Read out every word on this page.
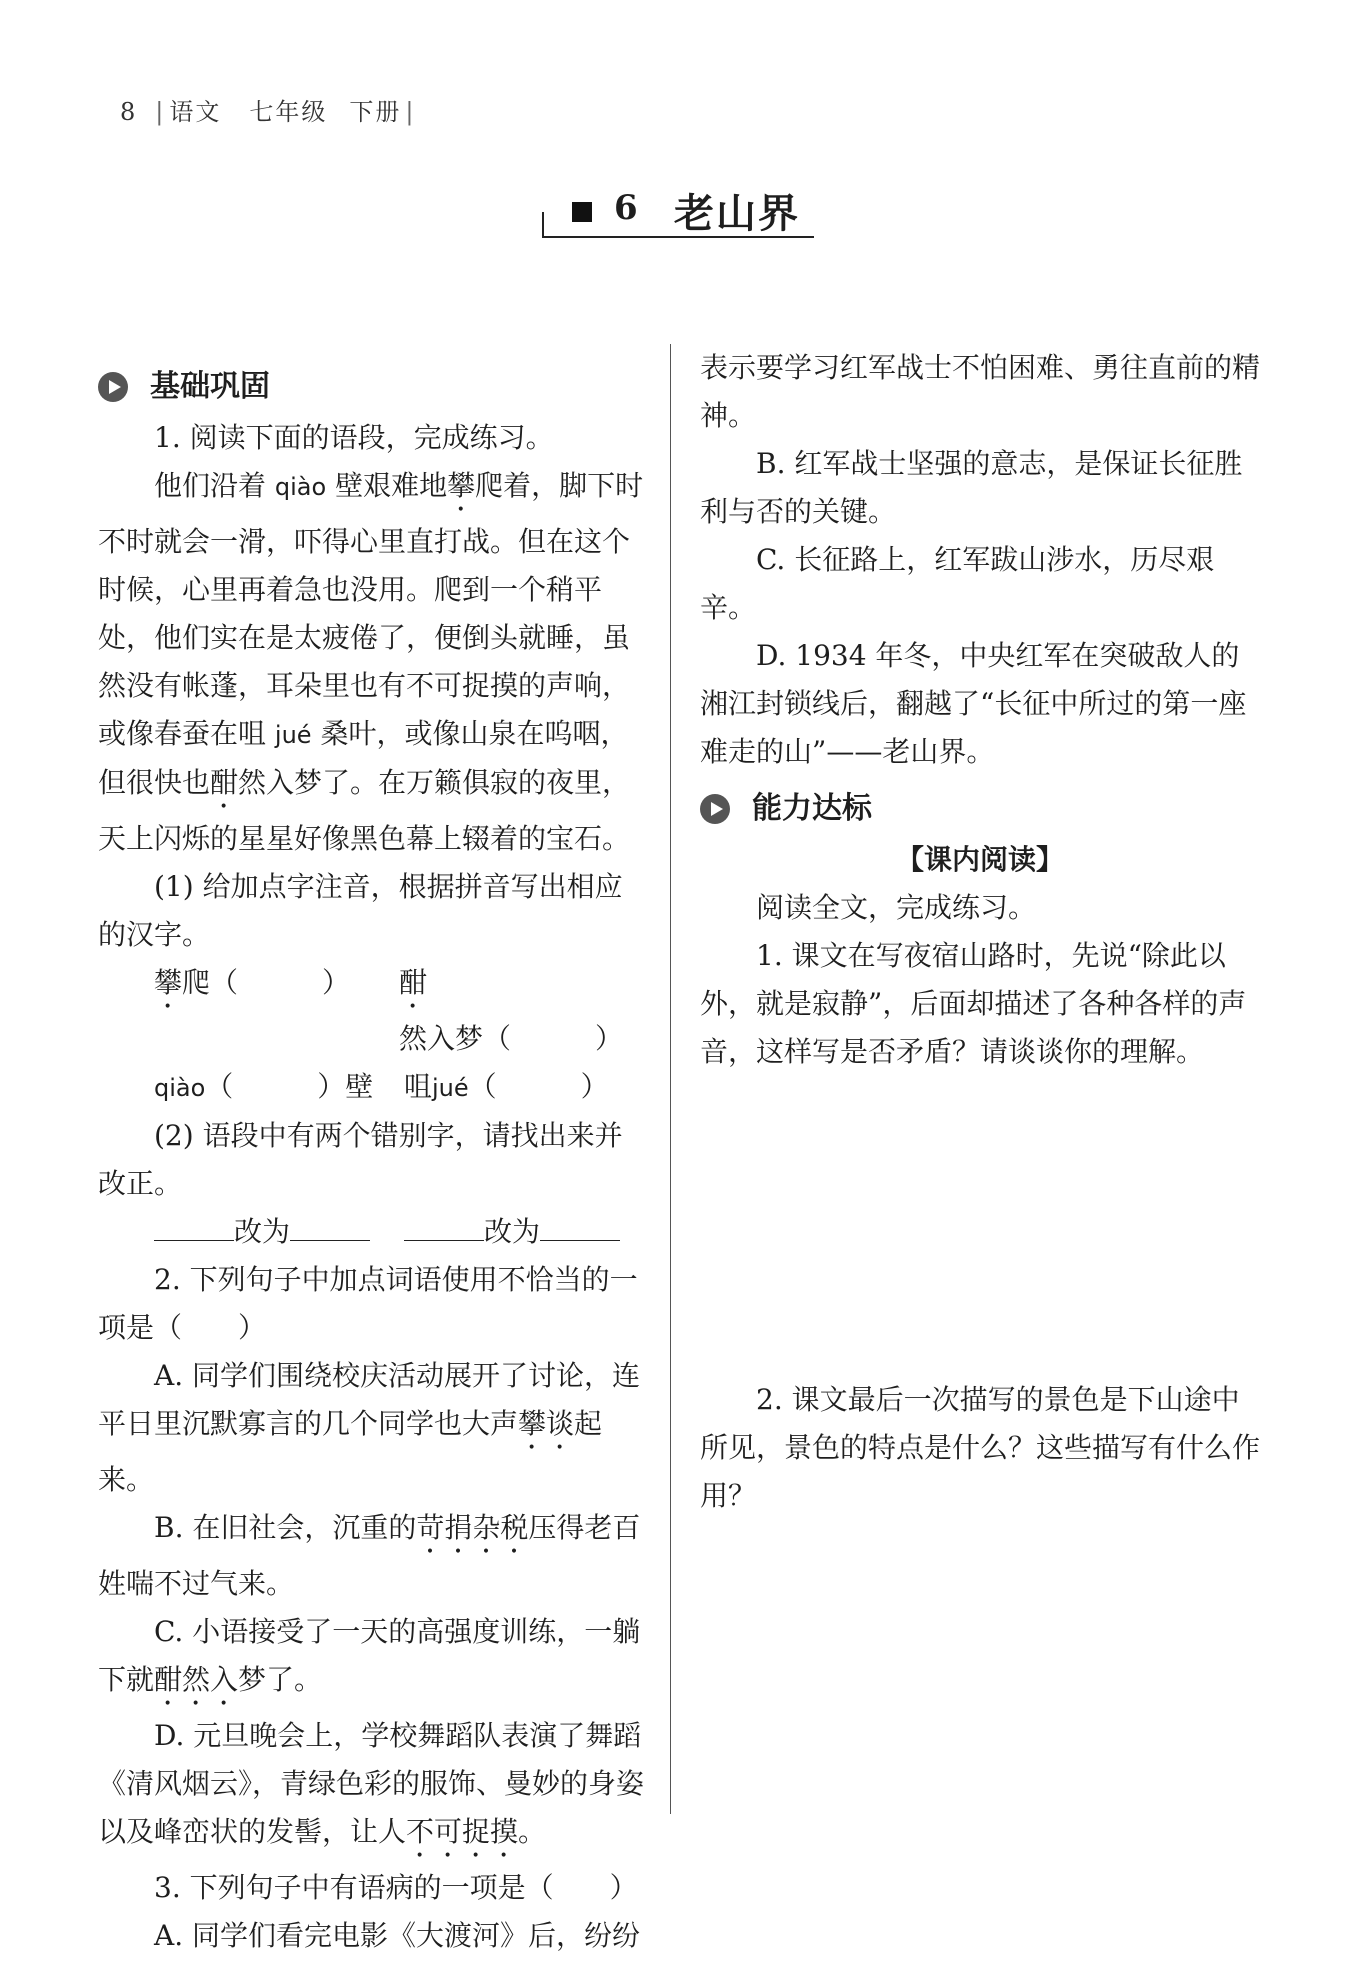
8 | 语文 七年级 下册 |
6 老山界
基础巩固

1. 阅读下面的语段，完成练习。

他们沿着 qiào 壁艰难地攀爬着，脚下时不时就会一滑，吓得心里直打战。但在这个时候，心里再着急也没用。爬到一个稍平处，他们实在是太疲倦了，便倒头就睡，虽然没有帐蓬，耳朵里也有不可捉摸的声响，或像春蚕在咀 jué 桑叶，或像山泉在呜咽，但很快也酣然入梦了。在万籁俱寂的夜里，天上闪烁的星星好像黑色幕上辍着的宝石。

(1) 给加点字注音，根据拼音写出相应的汉字。

攀爬（　　　）	酣然入梦（　　　）
qiào（　　　）壁	咀jué（　　　）

(2) 语段中有两个错别字，请找出来并改正。

改为	改为

2. 下列句子中加点词语使用不恰当的一项是（　　）

A. 同学们围绕校庆活动展开了讨论，连平日里沉默寡言的几个同学也大声攀谈起来。

B. 在旧社会，沉重的苛捐杂税压得老百姓喘不过气来。

C. 小语接受了一天的高强度训练，一躺下就酣然入梦了。

D. 元旦晚会上，学校舞蹈队表演了舞蹈《清风烟云》，青绿色彩的服饰、曼妙的身姿以及峰峦状的发髻，让人不可捉摸。

3. 下列句子中有语病的一项是（　　）

A. 同学们看完电影《大渡河》后，纷纷

表示要学习红军战士不怕困难、勇往直前的精神。

B. 红军战士坚强的意志，是保证长征胜利与否的关键。

C. 长征路上，红军跋山涉水，历尽艰辛。

D. 1934 年冬，中央红军在突破敌人的湘江封锁线后，翻越了“长征中所过的第一座难走的山”——老山界。

能力达标

【课内阅读】

阅读全文，完成练习。

1. 课文在写夜宿山路时，先说“除此以外，就是寂静”，后面却描述了各种各样的声音，这样写是否矛盾？请谈谈你的理解。

2. 课文最后一次描写的景色是下山途中所见，景色的特点是什么？这些描写有什么作用？
